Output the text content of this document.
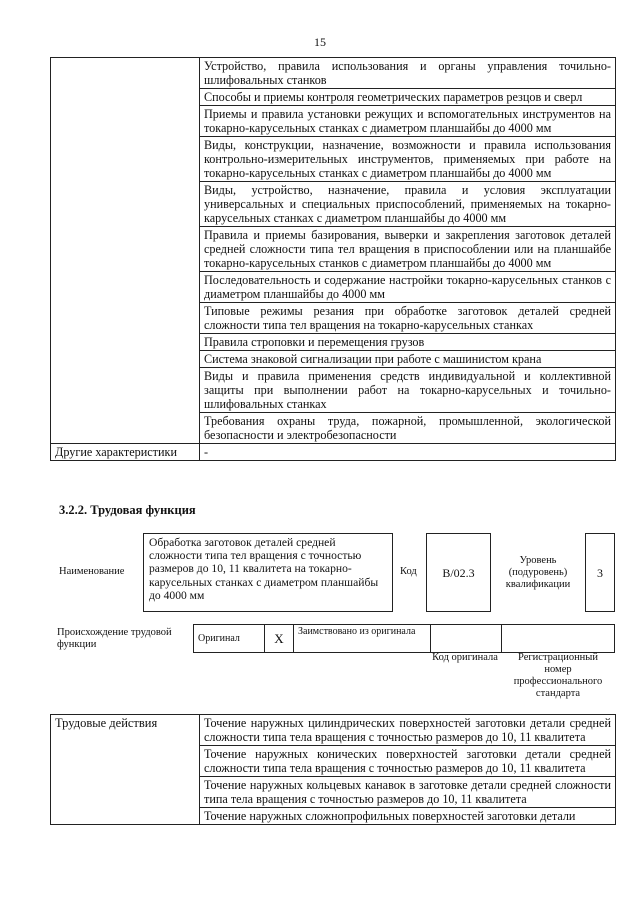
15
	Устройство, правила использования и органы управления точильно-шлифовальных станков
	Способы и приемы контроля геометрических параметров резцов и сверл
	Приемы и правила установки режущих и вспомогательных инструментов на токарно-карусельных станках с диаметром планшайбы до 4000 мм
	Виды, конструкции, назначение, возможности и правила использования контрольно-измерительных инструментов, применяемых при работе на токарно-карусельных станках с диаметром планшайбы до 4000 мм
	Виды, устройство, назначение, правила и условия эксплуатации универсальных и специальных приспособлений, применяемых на токарно-карусельных станках с диаметром планшайбы до 4000 мм
	Правила и приемы базирования, выверки и закрепления заготовок деталей средней сложности типа тел вращения в приспособлении или на планшайбе токарно-карусельных станков с диаметром планшайбы до 4000 мм
	Последовательность и содержание настройки токарно-карусельных станков с диаметром планшайбы до 4000 мм
	Типовые режимы резания при обработке заготовок деталей средней сложности типа тел вращения на токарно-карусельных станках
	Правила строповки и перемещения грузов
	Система знаковой сигнализации при работе с машинистом крана
	Виды и правила применения средств индивидуальной и коллективной защиты при выполнении работ на токарно-карусельных и точильно-шлифовальных станках
	Требования охраны труда, пожарной, промышленной, экологической безопасности и электробезопасности
Другие характеристики	-
3.2.2. Трудовая функция
Наименование
Обработка заготовок деталей средней сложности типа тел вращения с точностью размеров до 10, 11 квалитета на токарно-карусельных станках с диаметром планшайбы до 4000 мм
Код	B/02.3
Уровень (подуровень) квалификации
3
Происхождение трудовой функции
Оригинал	X	Заимствовано из оригинала		
Код оригинала	Регистрационный номер профессионального стандарта
Трудовые действия	Точение наружных цилиндрических поверхностей заготовки детали средней сложности типа тела вращения с точностью размеров до 10, 11 квалитета
Точение наружных конических поверхностей заготовки детали средней сложности типа тела вращения с точностью размеров до 10, 11 квалитета
Точение наружных кольцевых канавок в заготовке детали средней сложности типа тела вращения с точностью размеров до 10, 11 квалитета
Точение наружных сложнопрофильных поверхностей заготовки детали
